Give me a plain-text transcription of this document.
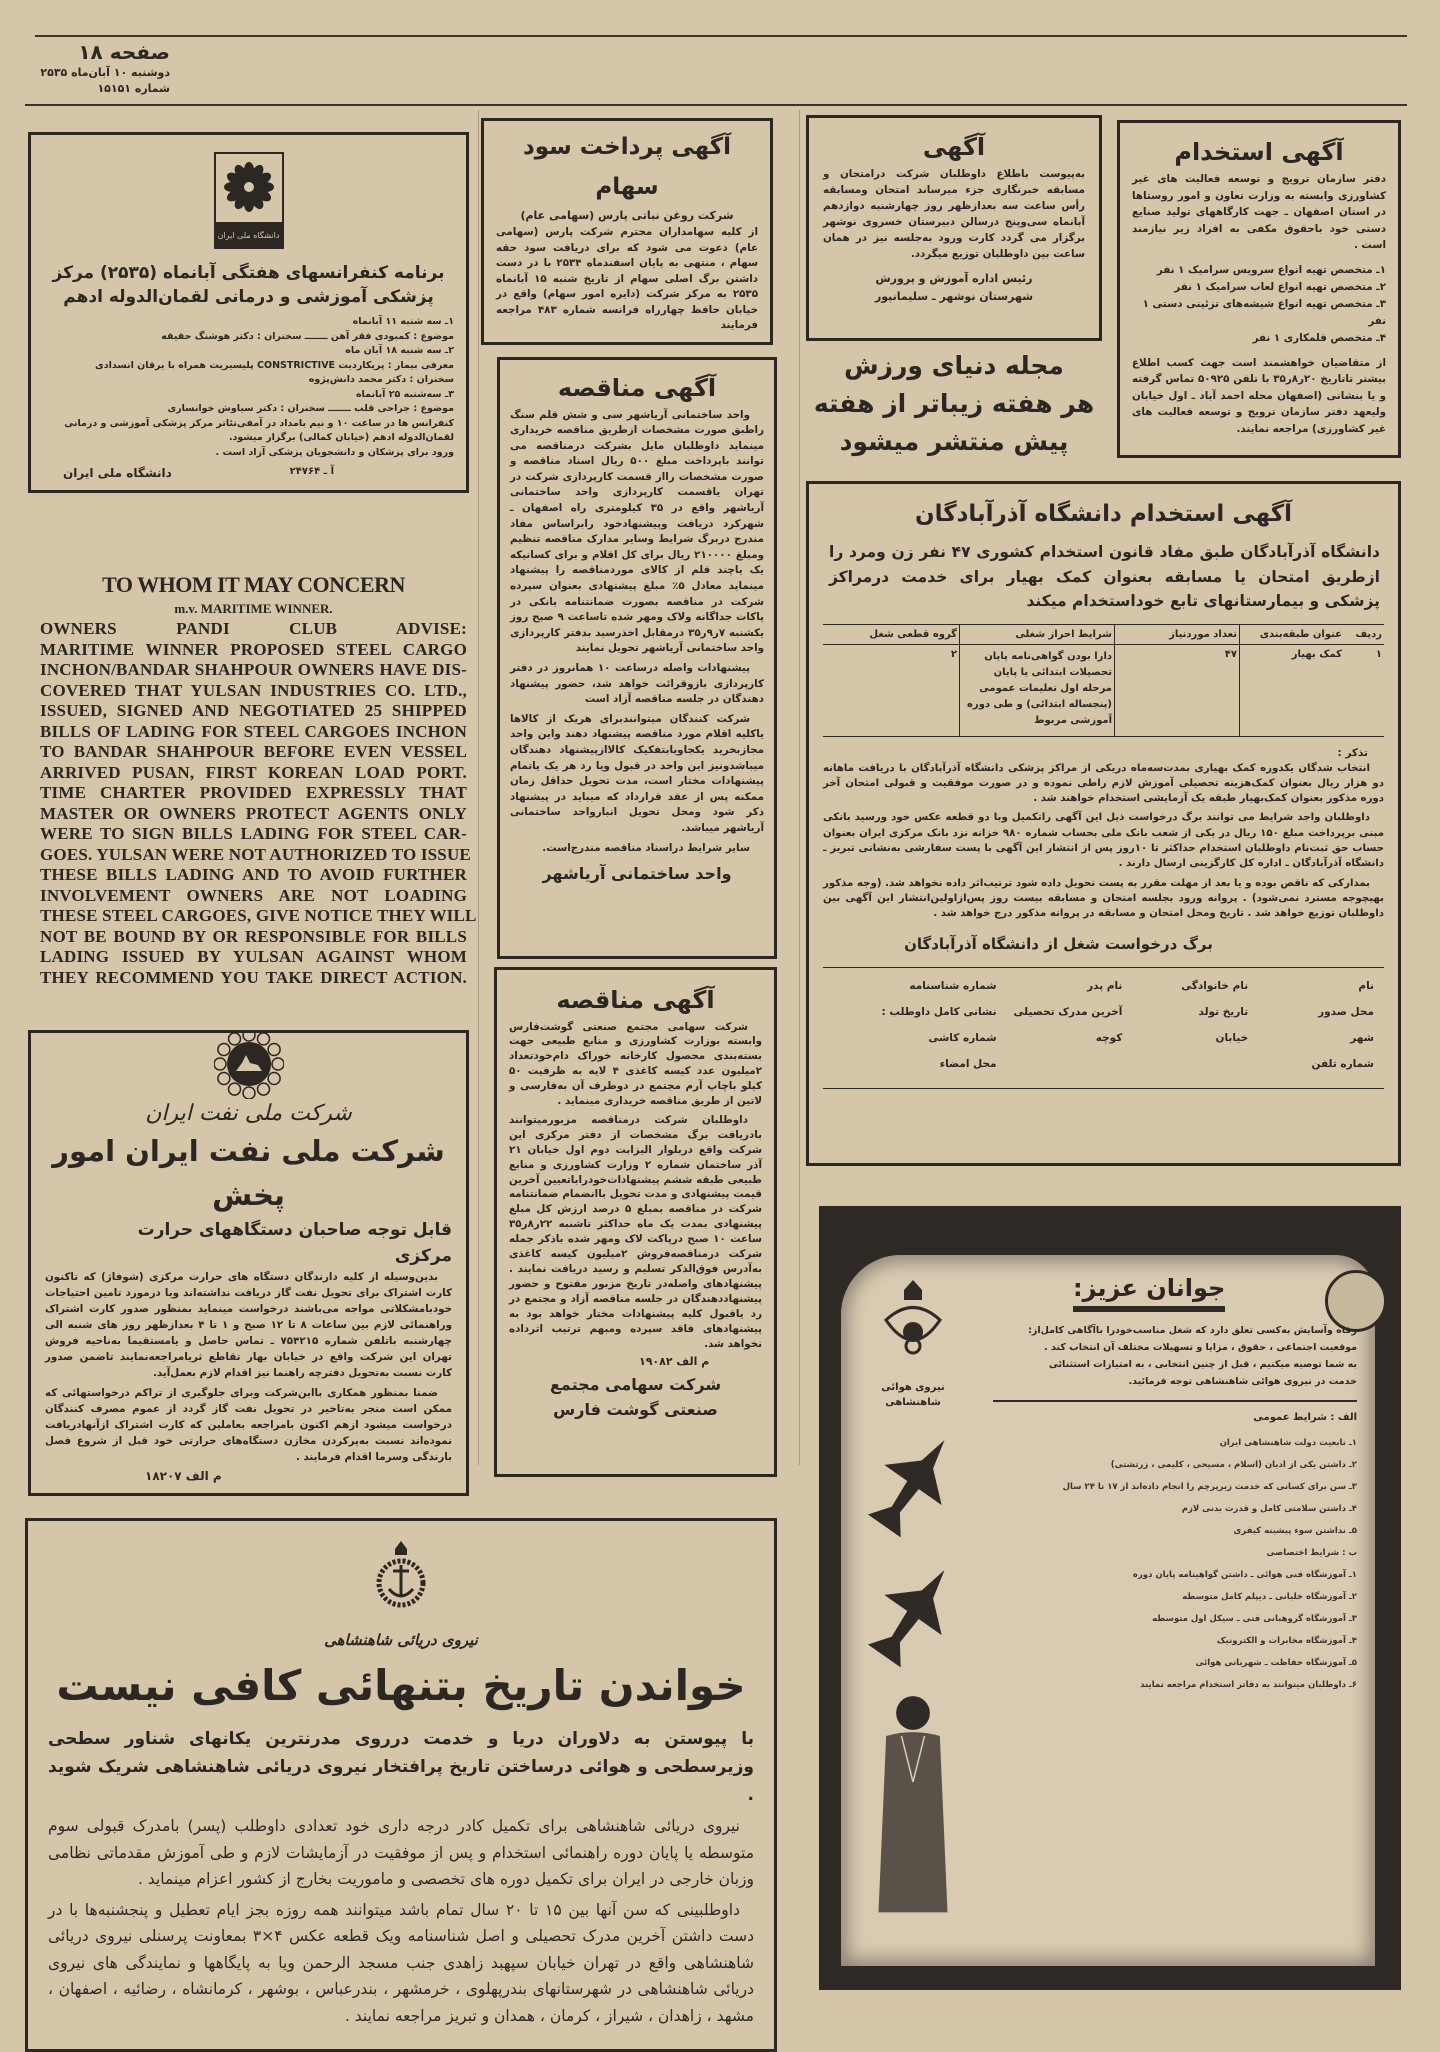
صفحه ۱۸
دوشنبه ۱۰ آبان‌ماه ۲۵۳۵
شماره ۱۵۱۵۱
دانشگاه ملی ایران
برنامه کنفرانسهای هفتگی آبانماه (۲۵۳۵) مرکز پزشکی آموزشی و درمانی لقمان‌الدوله ادهم
۱ـ سه شنبه ۱۱ آبانماه
موضوع : کمبودی فقر آهن ـــــــ سخنران : دکتر هوشنگ حقیقه
۲ـ سه شنبه ۱۸ آبان ماه
معرفی بیمار : پریکاردیت CONSTRICTIVE پلیسیریت همراه با یرقان انسدادی
سخنران : دکتر محمد دانش‌پژوه
۳ـ سه‌شنبه ۲۵ آبانماه
موضوع : جراحی قلب ـــــــ سخنران : دکتر سیاوش خوانساری
کنفرانس ها در ساعت ۱۰ و نیم بامداد در آمفی‌تئاتر مرکز پزشکی آموزشی و درمانی لقمان‌الدوله ادهم (خیابان کمالی) برگزار میشود.
ورود برای پزشکان و دانشجویان پزشکی آزاد است .
آ ـ ۲۴۷۶۴
دانشگاه ملی ایران
TO WHOM IT MAY CONCERN
m.v. MARITIME WINNER.
OWNERS PANDI CLUB ADVISE:
MARITIME WINNER PROPOSED STEEL CARGO
INCHON/BANDAR SHAHPOUR OWNERS HAVE DIS-
COVERED THAT YULSAN INDUSTRIES CO. LTD.,
ISSUED, SIGNED AND NEGOTIATED 25 SHIPPED
BILLS OF LADING FOR STEEL CARGOES INCHON
TO BANDAR SHAHPOUR BEFORE EVEN VESSEL
ARRIVED PUSAN, FIRST KOREAN LOAD PORT.
TIME CHARTER PROVIDED EXPRESSLY THAT
MASTER OR OWNERS PROTECT AGENTS ONLY
WERE TO SIGN BILLS LADING FOR STEEL CAR-
GOES. YULSAN WERE NOT AUTHORIZED TO ISSUE
THESE BILLS LADING AND TO AVOID FURTHER
INVOLVEMENT OWNERS ARE NOT LOADING
THESE STEEL CARGOES, GIVE NOTICE THEY WILL
NOT BE BOUND BY OR RESPONSIBLE FOR BILLS
LADING ISSUED BY YULSAN AGAINST WHOM
THEY RECOMMEND YOU TAKE DIRECT ACTION.
شرکت ملی نفت ایران
شرکت ملی نفت ایران امور پخش
قابل توجه صاحبان دستگاههای حرارت مرکزی

بدین‌وسیله از کلیه دارندگان دستگاه های حرارت مرکزی (شوفاژ) که تاکنون کارت اشتراک برای تحویل نفت گاز دریافت نداشته‌اند ویا درمورد تامین احتیاجات خودبامشکلاتی مواجه می‌باشند درخواست مینماید بمنظور صدور کارت اشتراک وراهنمائی لازم بین ساعات ۸ تا ۱۲ صبح و ۱ تا ۴ بعدازظهر روز های شنبه الی چهارشنبه باتلفن شماره ۷۵۴۲۱۵ ـ تماس حاصل و یامستقیما به‌ناحیه فروش تهران این شرکت واقع در خیابان بهار تقاطع ثریامراجعه‌نمایند تاضمن صدور کارت نسبت به‌تحویل دفترچه راهنما نیز اقدام لازم بعمل‌آید.

ضمنا بمنظور همکاری بااین‌شرکت وبرای جلوگیری از تراکم درخواستهائی که ممکن است منجر به‌تاخیر در تحویل نفت گاز گردد از عموم مصرف کنندگان درخواست میشود ازهم اکنون بامراجعه بعاملین که کارت اشتراک ازآنهادریافت نموده‌اند نسبت به‌پرکردن مخازن دستگاه‌های حرارتی خود قبل از شروع فصل بارندگی وسرما اقدام فرمایند .

م الف ۱۸۲۰۷
آگهی پرداخت سود سهام
شرکت روغن نباتی پارس (سهامی عام)
از کلیه سهامداران محترم شرکت پارس (سهامی عام) دعوت می شود که برای دریافت سود حقه سهام ، منتهی به پایان اسفندماه ۲۵۳۴ با در دست داشتن برگ اصلی سهام از تاریخ شنبه ۱۵ آبانماه ۲۵۳۵ به مرکز شرکت (دایره امور سهام) واقع در خیابان حافظ چهارراه فرانسه شماره ۴۸۳ مراجعه فرمایند
آگهی مناقصه

واحد ساختمانی آریاشهر سی و شش قلم سنگ راطبق صورت مشخصات ازطریق مناقصه خریداری مینماید داوطلبان مایل بشرکت درمناقصه می توانند باپرداخت مبلغ ۵۰۰ ریال اسناد مناقصه و صورت مشخصات رااز قسمت کارپردازی شرکت در تهران یاقسمت کارپردازی واحد ساختمانی آریاشهر واقع در ۳۵ کیلومتری راه اصفهان ـ شهرکرد دریافت وپیشنهادخود رابراساس مفاد مندرج دربرگ شرایط وسایر مدارک مناقصه تنظیم ومبلغ ۲۱۰۰۰۰ ریال برای کل اقلام و برای کسانیکه یک یاچند قلم از کالای موردمناقصه را پیشنهاد مینماید معادل ۵٪ مبلغ پیشنهادی بعنوان سپرده شرکت در مناقصه بصورت ضمانتنامه بانکی در پاکات جداگانه ولاک ومهر شده تاساعت ۹ صبح روز یکشنبه ۷ر۹ر۳۵ درمقابل اخذرسید بدفتر کارپردازی واحد ساختمانی آریاشهر تحویل نمایند

پیشنهادات واصله درساعت ۱۰ همانروز در دفتر کارپردازی بازوقرائت خواهد شد، حضور پیشنهاد دهندگان در جلسه مناقصه آزاد است

شرکت کنندگان میتوانندبرای هریک از کالاها یاکلیه اقلام مورد مناقصه پیشنهاد دهند واین واحد مجازبخرید یکجاویابتفکیک کالاازپیشنهاد دهندگان میباشدونیز این واحد در قبول ویا رد هر یک یاتمام پیشنهادات مختار است، مدت تحویل حداقل زمان ممکنه پس از عقد قرارداد که میباید در پیشنهاد ذکر شود ومحل تحویل انبارواحد ساختمانی آریاشهر میباشد.

سایر شرایط دراسناد مناقصه مندرج‌است.

واحد ساختمانی آریاشهر
آگهی مناقصه

شرکت سهامی مجتمع صنعتی گوشت‌فارس وابسته بوزارت کشاورزی و منابع طبیعی جهت بسته‌بندی محصول کارخانه خوراک دام‌خودتعداد ۲میلیون عدد کیسه کاغذی ۴ لایه به ظرفیت ۵۰ کیلو باچاپ آرم مجتمع در دوطرف آن به‌فارسی و لاتین از طریق مناقصه خریداری مینماید .

داوطلبان شرکت درمناقصه مزبورمیتوانند بادریافت برگ مشخصات از دفتر مرکزی این شرکت واقع دربلوار الیزابت دوم اول خیابان ۲۱ آذر ساختمان شماره ۲ وزارت کشاورزی و منابع طبیعی طبقه ششم پیشنهادات‌خودراباتعیین آخرین قیمت پیشنهادی و مدت تحویل باانضمام ضمانتنامه شرکت در مناقصه بمبلغ ۵ درصد ارزش کل مبلغ پیشنهادی بمدت یک ماه حداکثر تاشنبه ۲۲ر۸ر۳۵ ساعت ۱۰ صبح درپاکت لاک ومهر شده باذکر جمله شرکت درمناقصه‌فروش ۲میلیون کیسه کاغذی به‌آدرس فوق‌الذکر تسلیم و رسید دریافت نمایند . پیشنهادهای واصله‌در تاریخ مزبور مفتوح و حضور پیشنهاددهندگان در جلسه مناقصه آزاد و مجتمع در رد یاقبول کلیه پیشنهادات مختار خواهد بود به پیشنهادهای فاقد سپرده ومبهم ترتیب اثرداده نخواهد شد.

م الف ۱۹۰۸۲
شرکت سهامی مجتمع صنعتی گوشت فارس
نیروی دریائی شاهنشاهی
خواندن تاریخ بتنهائی کافی نیست
با پیوستن به دلاوران دریا و خدمت درروی مدرنترین یکانهای شناور سطحی وزیرسطحی و هوائی درساختن تاریخ پرافتخار نیروی دریائی شاهنشاهی شریک شوید .

نیروی دریائی شاهنشاهی برای تکمیل کادر درجه داری خود تعدادی داوطلب (پسر) بامدرک قبولی سوم متوسطه یا پایان دوره راهنمائی استخدام و پس از موفقیت در آزمایشات لازم و طی آموزش مقدماتی نظامی وزبان خارجی در ایران برای تکمیل دوره های تخصصی و ماموریت بخارج از کشور اعزام مینماید .

داوطلبینی که سن آنها بین ۱۵ تا ۲۰ سال تمام باشد میتوانند همه روزه بجز ایام تعطیل و پنجشنبه‌ها با در دست داشتن آخرین مدرک تحصیلی و اصل شناسنامه ویک قطعه عکس ۴×۳ بمعاونت پرسنلی نیروی دریائی شاهنشاهی واقع در تهران خیابان سپهبد زاهدی جنب مسجد الرحمن ویا به پایگاهها و نمایندگی های نیروی دریائی شاهنشاهی در شهرستانهای بندرپهلوی ، خرمشهر ، بندرعباس ، بوشهر ، کرمانشاه ، رضائیه ، اصفهان ، مشهد ، زاهدان ، شیراز ، کرمان ، همدان و تبریز مراجعه نمایند .

آگهی
به‌پیوست باطلاع داوطلبان شرکت درامتحان و مسابقه خبرنگاری جزء میرساند امتحان ومسابقه رأس ساعت سه بعدازظهر روز چهارشنبه دوازدهم آبانماه سی‌وپنج درسالن دبیرستان خسروی نوشهر برگزار می گردد کارت ورود به‌جلسه نیز در همان ساعت بین داوطلبان توزیع میگردد.
رئیس اداره آموزش و پرورش
شهرستان نوشهر ـ سلیمانپور
مجله دنیای ورزش
هر هفته زیباتر از هفته
پیش منتشر میشود
آگهی استخدام
دفتر سازمان ترویج و توسعه فعالیت های غیر کشاورزی وابسته به وزارت تعاون و امور روستاها در استان اصفهان ـ جهت کارگاههای تولید صنایع دستی خود باحقوق مکفی به افراد زیر نیازمند است .
۱ـ متخصص تهیه انواع سرویس سرامیک ۱ نفر
۲ـ متخصص تهیه انواع لعاب سرامیک ۱ نفر
۳ـ متخصص تهیه انواع شیشه‌های تزئینی دستی ۱ نفر
۴ـ متخصص قلمکاری ۱ نفر
از متقاضیان خواهشمند است جهت کسب اطلاع بیشتر تاتاریخ ۲۰ر۸ر۳۵ با تلفن ۵۰۹۲۵ تماس گرفته و یا بنشانی (اصفهان محله احمد آباد ـ اول خیابان ولیعهد دفتر سازمان ترویج و توسعه فعالیت های غیر کشاورزی) مراجعه نمایند.
آگهی استخدام دانشگاه آذرآبادگان
دانشگاه آذرآبادگان طبق مفاد قانون استخدام کشوری ۴۷ نفر زن ومرد را ازطریق امتحان یا مسابقه بعنوان کمک بهیار برای خدمت درمراکز پزشکی و بیمارستانهای تابع خوداستخدام میکند
ردیف	عنوان طبقه‌بندی	تعداد موردنیاز	شرایط احراز شغلی	گروه قطعی شغل
۱	کمک بهیار	۴۷	دارا بودن گواهی‌نامه پایان تحصیلات ابتدائی یا پایان مرحله اول تعلیمات عمومی (پنجساله ابتدائی) و طی دوره آموزشی مربوط	۲
تذکر :

انتخاب شدگان یکدوره کمک بهیاری بمدت‌سه‌ماه دریکی از مراکز پزشکی دانشگاه آذرآبادگان با دریافت ماهانه دو هزار ریال بعنوان کمک‌هزینه تحصیلی آموزش لازم راطی نموده و در صورت موفقیت و قبولی امتحان آخر دوره مذکور بعنوان کمک‌بهیار طبقه یک آزمایشی استخدام خواهند شد .

داوطلبان واجد شرایط می توانند برگ درخواست ذیل این آگهی راتکمیل وبا دو قطعه عکس خود ورسید بانکی مبنی برپرداخت مبلغ ۱۵۰ ریال در یکی از شعب بانک ملی بحساب شماره ۹۸۰ خزانه نزد بانک مرکزی ایران بعنوان حساب حق ثبت‌نام داوطلبان استخدام حداکثر تا ۱۰روز پس از انتشار این آگهی با پست سفارشی به‌نشانی تبریز ـ دانشگاه آذرآبادگان ـ اداره کل کارگزینی ارسال دارند .

بمدارکی که ناقص بوده و یا بعد از مهلت مقرر به پست تحویل داده شود ترتیب‌اثر داده نخواهد شد. (وجه مذکور بهیچوجه مسترد نمی‌شود) . پروانه ورود بجلسه امتحان و مسابقه بیست روز پس‌ازاولین‌انتشار این آگهی بین داوطلبان توزیع خواهد شد . تاریخ ومحل امتحان و مسابقه در پروانه مذکور درج خواهد شد .

برگ درخواست شغل از دانشگاه آذرآبادگان
نام
نام خانوادگی
نام پدر
شماره شناسنامه
محل صدور
تاریخ تولد
آخرین مدرک تحصیلی
نشانی کامل داوطلب :
شهر
خیابان
کوچه
شماره کاشی
شماره تلفن
محل امضاء
نیروی هوائی شاهنشاهی
جوانان عزیز:
رفاه وآسایش به‌کسی تعلق دارد که شغل مناسب‌خودرا باآگاهی کامل‌از:
موقعیت اجتماعی ، حقوق ، مزایا و تسهیلات مختلف آن انتخاب کند .
به شما توصیه میکنیم ، قبل از چنین انتخابی ، به امتیازات استثنائی
خدمت در نیروی هوائی شاهنشاهی توجه فرمائید.
الف : شرایط عمومی
۱ـ تابعیت دولت شاهنشاهی ایران
۲ـ داشتن یکی از ادیان (اسلام ، مسیحی ، کلیمی ، زرتشتی)
۳ـ سن برای کسانی که خدمت زیرپرچم را انجام داده‌اند از ۱۷ تا ۲۴ سال
۴ـ داشتن سلامتی کامل و قدرت بدنی لازم
۵ـ نداشتن سوء پیشینه کیفری
ب : شرایط اختصاصی
۱ـ آموزشگاه فنی هوائی ـ داشتن گواهینامه پایان دوره
۲ـ آموزشگاه خلبانی ـ دیپلم کامل متوسطه
۳ـ آموزشگاه گروهبانی فنی ـ سیکل اول متوسطه
۴ـ آموزشگاه مخابرات و الکترونیک
۵ـ آموزشگاه حفاظت ـ شهربانی هوائی
۶ـ داوطلبان میتوانند به دفاتر استخدام مراجعه نمایند
